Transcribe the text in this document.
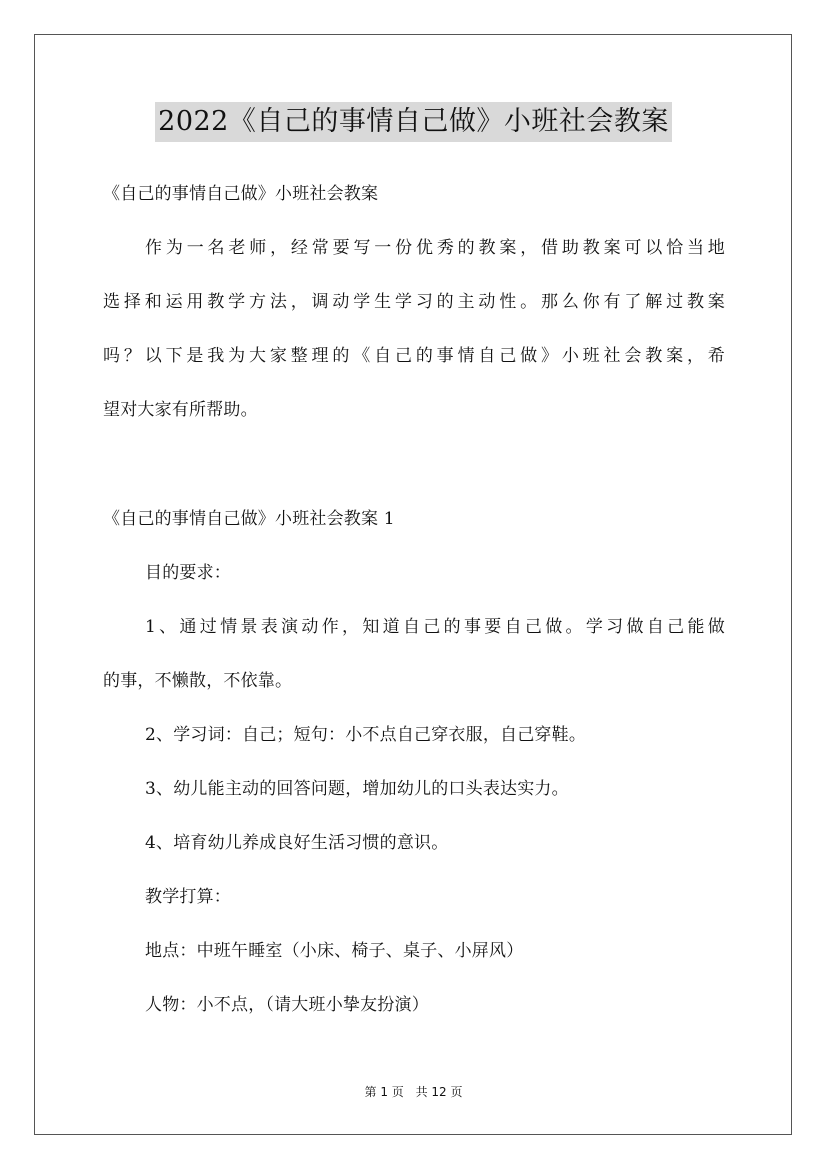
2022《自己的事情自己做》小班社会教案
《自己的事情自己做》小班社会教案
作为一名老师，经常要写一份优秀的教案，借助教案可以恰当地
选择和运用教学方法，调动学生学习的主动性。那么你有了解过教案
吗？以下是我为大家整理的《自己的事情自己做》小班社会教案，希
望对大家有所帮助。
《自己的事情自己做》小班社会教案 1
目的要求：
1、通过情景表演动作，知道自己的事要自己做。学习做自己能做
的事，不懒散，不依靠。
2、学习词：自己；短句：小不点自己穿衣服，自己穿鞋。
3、幼儿能主动的回答问题，增加幼儿的口头表达实力。
4、培育幼儿养成良好生活习惯的意识。
教学打算：
地点：中班午睡室（小床、椅子、桌子、小屏风）
人物：小不点，（请大班小挚友扮演）
第 1 页 共 12 页
